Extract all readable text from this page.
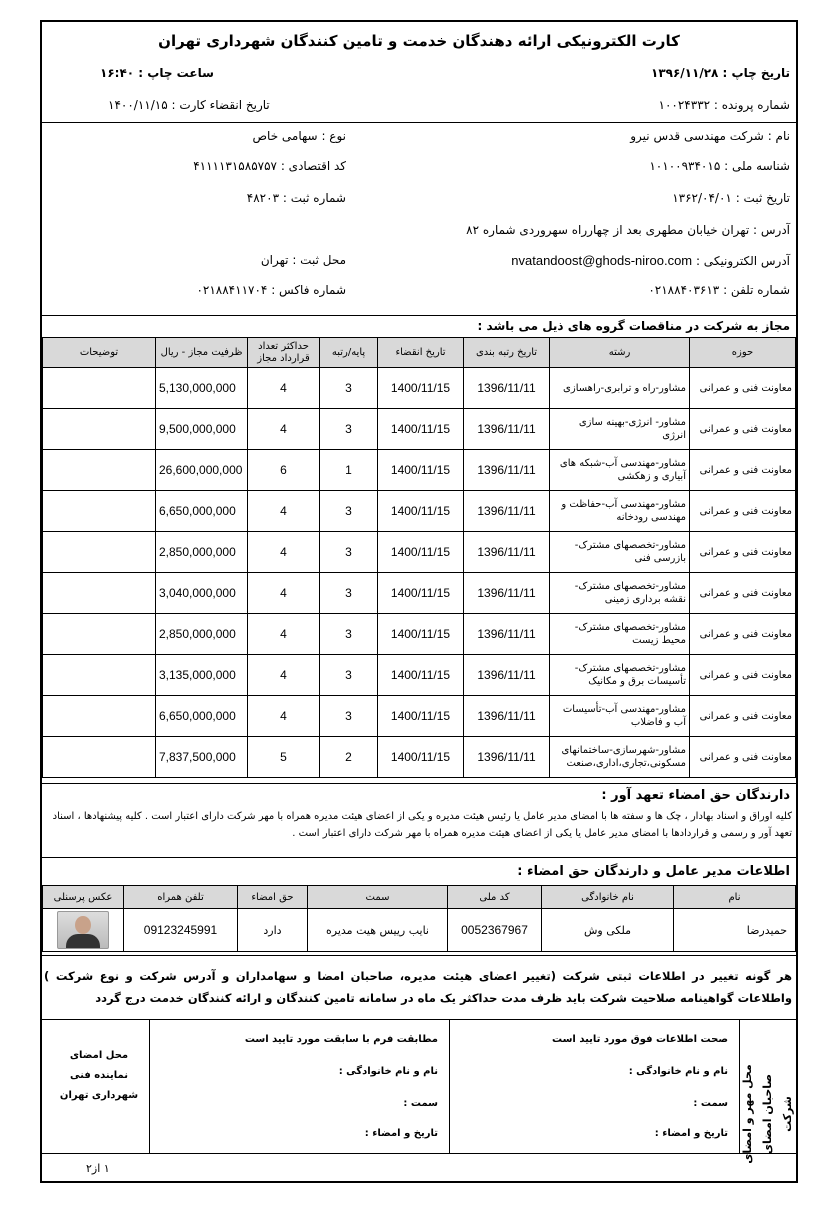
کارت الکترونیکی ارائه دهندگان خدمت و تامین کنندگان شهرداری تهران
تاریخ چاپ : ۱۳۹۶/۱۱/۲۸
ساعت چاپ : ۱۶:۴۰
شماره پرونده : ۱۰۰۲۴۳۳۲
تاریخ انقضاء کارت : ۱۴۰۰/۱۱/۱۵
نام : شرکت مهندسی قدس نیرو
نوع : سهامی خاص
شناسه ملی : ۱۰۱۰۰۹۳۴۰۱۵
کد اقتصادی : ۴۱۱۱۱۳۱۵۸۵۷۵۷
تاریخ ثبت : ۱۳۶۲/۰۴/۰۱
شماره ثبت : ۴۸۲۰۳
آدرس : تهران خیابان مطهری بعد از چهارراه سهروردی شماره ۸۲
آدرس الکترونیکی : nvatandoost@ghods-niroo.com
محل ثبت : تهران
شماره تلفن : ۰۲۱۸۸۴۰۳۶۱۳
شماره فاکس : ۰۲۱۸۸۴۱۱۷۰۴
مجاز به شرکت در مناقصات گروه های ذیل می باشد :
حوزه	رشته	تاریخ رتبه بندی	تاریخ انقضاء	پایه/رتبه	حداکثر تعداد قرارداد مجاز	ظرفیت مجاز - ریال	توضیحات
معاونت فنی و عمرانی	مشاور-راه و ترابری-راهسازی	1396/11/11	1400/11/15	3	4	5,130,000,000	
معاونت فنی و عمرانی	مشاور- انرژی-بهینه سازی انرژی	1396/11/11	1400/11/15	3	4	9,500,000,000	
معاونت فنی و عمرانی	مشاور-مهندسی آب-شبکه های آبیاری و زهکشی	1396/11/11	1400/11/15	1	6	26,600,000,000	
معاونت فنی و عمرانی	مشاور-مهندسی آب-حفاظت و مهندسی رودخانه	1396/11/11	1400/11/15	3	4	6,650,000,000	
معاونت فنی و عمرانی	مشاور-تخصصهای مشترک-بازرسی فنی	1396/11/11	1400/11/15	3	4	2,850,000,000	
معاونت فنی و عمرانی	مشاور-تخصصهای مشترک-نقشه برداری زمینی	1396/11/11	1400/11/15	3	4	3,040,000,000	
معاونت فنی و عمرانی	مشاور-تخصصهای مشترک-محیط زیست	1396/11/11	1400/11/15	3	4	2,850,000,000	
معاونت فنی و عمرانی	مشاور-تخصصهای مشترک-تأسیسات برق و مکانیک	1396/11/11	1400/11/15	3	4	3,135,000,000	
معاونت فنی و عمرانی	مشاور-مهندسی آب-تأسیسات آب و فاضلاب	1396/11/11	1400/11/15	3	4	6,650,000,000	
معاونت فنی و عمرانی	مشاور-شهرسازی-ساختمانهای مسکونی،تجاری،اداری،صنعت	1396/11/11	1400/11/15	2	5	7,837,500,000	
دارندگان حق امضاء تعهد آور :
کلیه اوراق و اسناد بهادار ، چک ها و سفته ها با امضای مدیر عامل یا رئیس هیئت مدیره و یکی از اعضای هیئت مدیره همراه با مهر شرکت دارای اعتبار است . کلیه پیشنهادها ، اسناد تعهد آور و رسمی و قراردادها با امضای مدیر عامل یا یکی از اعضای هیئت مدیره همراه با مهر شرکت دارای اعتبار است .
اطلاعات مدیر عامل و دارندگان حق امضاء :
نام	نام خانوادگی	کد ملی	سمت	حق امضاء	تلفن همراه	عکس پرسنلی
حمیدرضا	ملکی وش	0052367967	نایب رییس هیت مدیره	دارد	09123245991	
هر گونه تغییر در اطلاعات ثبتی شرکت (تغییر اعضای هیئت مدیره، صاحبان امضا و سهامداران و آدرس شرکت و نوع شرکت ) واطلاعات گواهینامه صلاحیت شرکت باید ظرف مدت حداکثر یک ماه در سامانه تامین کنندگان و ارائه کنندگان خدمت درج گردد
محل مهر و امضای صاحبان امضای شرکت
صحت اطلاعات فوق مورد تایید است
نام و نام خانوادگی :
سمت :
تاریخ و امضاء :
مطابقت فرم با سابقت مورد تایید است
نام و نام خانوادگی :
سمت :
تاریخ و امضاء :
محل امضای نماینده فنی شهرداری تهران
۱ از۲
